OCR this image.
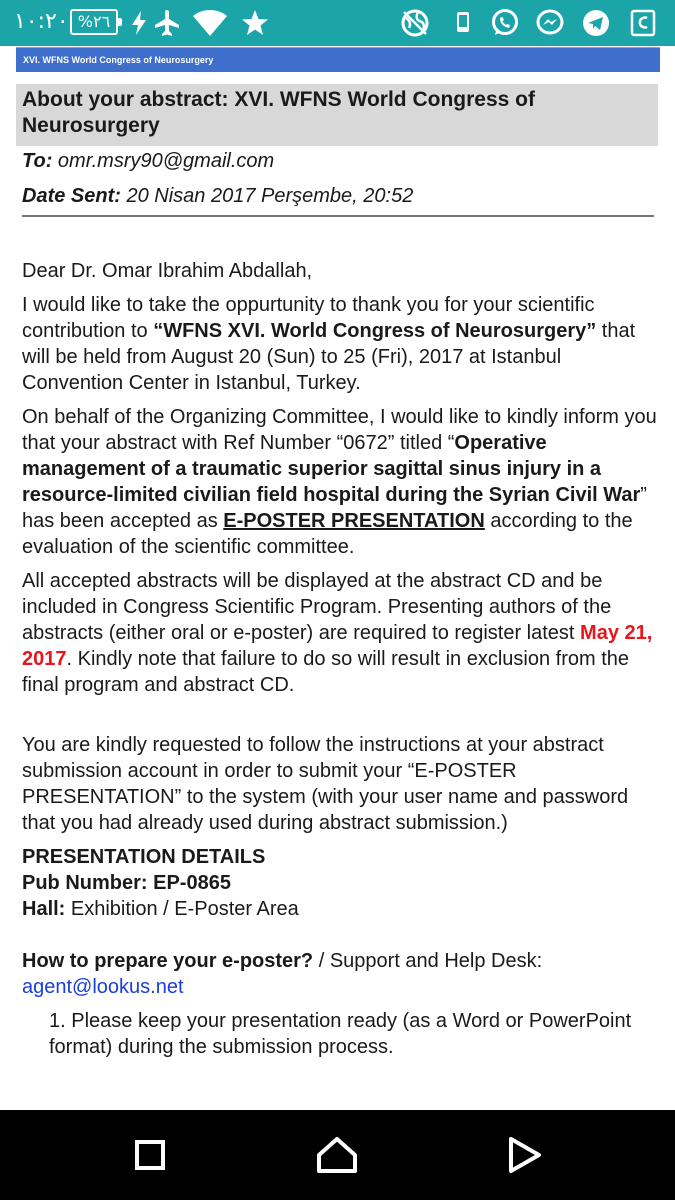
١٠:٢٠ %٢٦
XVI. WFNS World Congress of Neurosurgery
About your abstract: XVI. WFNS World Congress of Neurosurgery
To: omr.msry90@gmail.com
Date Sent: 20 Nisan 2017 Perşembe, 20:52

Dear Dr. Omar Ibrahim Abdallah,

I would like to take the oppurtunity to thank you for your scientific contribution to “WFNS XVI. World Congress of Neurosurgery” that will be held from August 20 (Sun) to 25 (Fri), 2017 at Istanbul Convention Center in Istanbul, Turkey.

On behalf of the Organizing Committee, I would like to kindly inform you that your abstract with Ref Number “0672” titled “Operative management of a traumatic superior sagittal sinus injury in a resource-limited civilian field hospital during the Syrian Civil War” has been accepted as E-POSTER PRESENTATION according to the evaluation of the scientific committee.

All accepted abstracts will be displayed at the abstract CD and be included in Congress Scientific Program. Presenting authors of the abstracts (either oral or e-poster) are required to register latest May 21, 2017. Kindly note that failure to do so will result in exclusion from the final program and abstract CD.

You are kindly requested to follow the instructions at your abstract submission account in order to submit your “E-POSTER PRESENTATION” to the system (with your user name and password that you had already used during abstract submission.)

PRESENTATION DETAILS
Pub Number: EP-0865
Hall: Exhibition / E-Poster Area
How to prepare your e-poster? / Support and Help Desk:

agent@lookus.net

1. Please keep your presentation ready (as a Word or PowerPoint format) during the submission process.
